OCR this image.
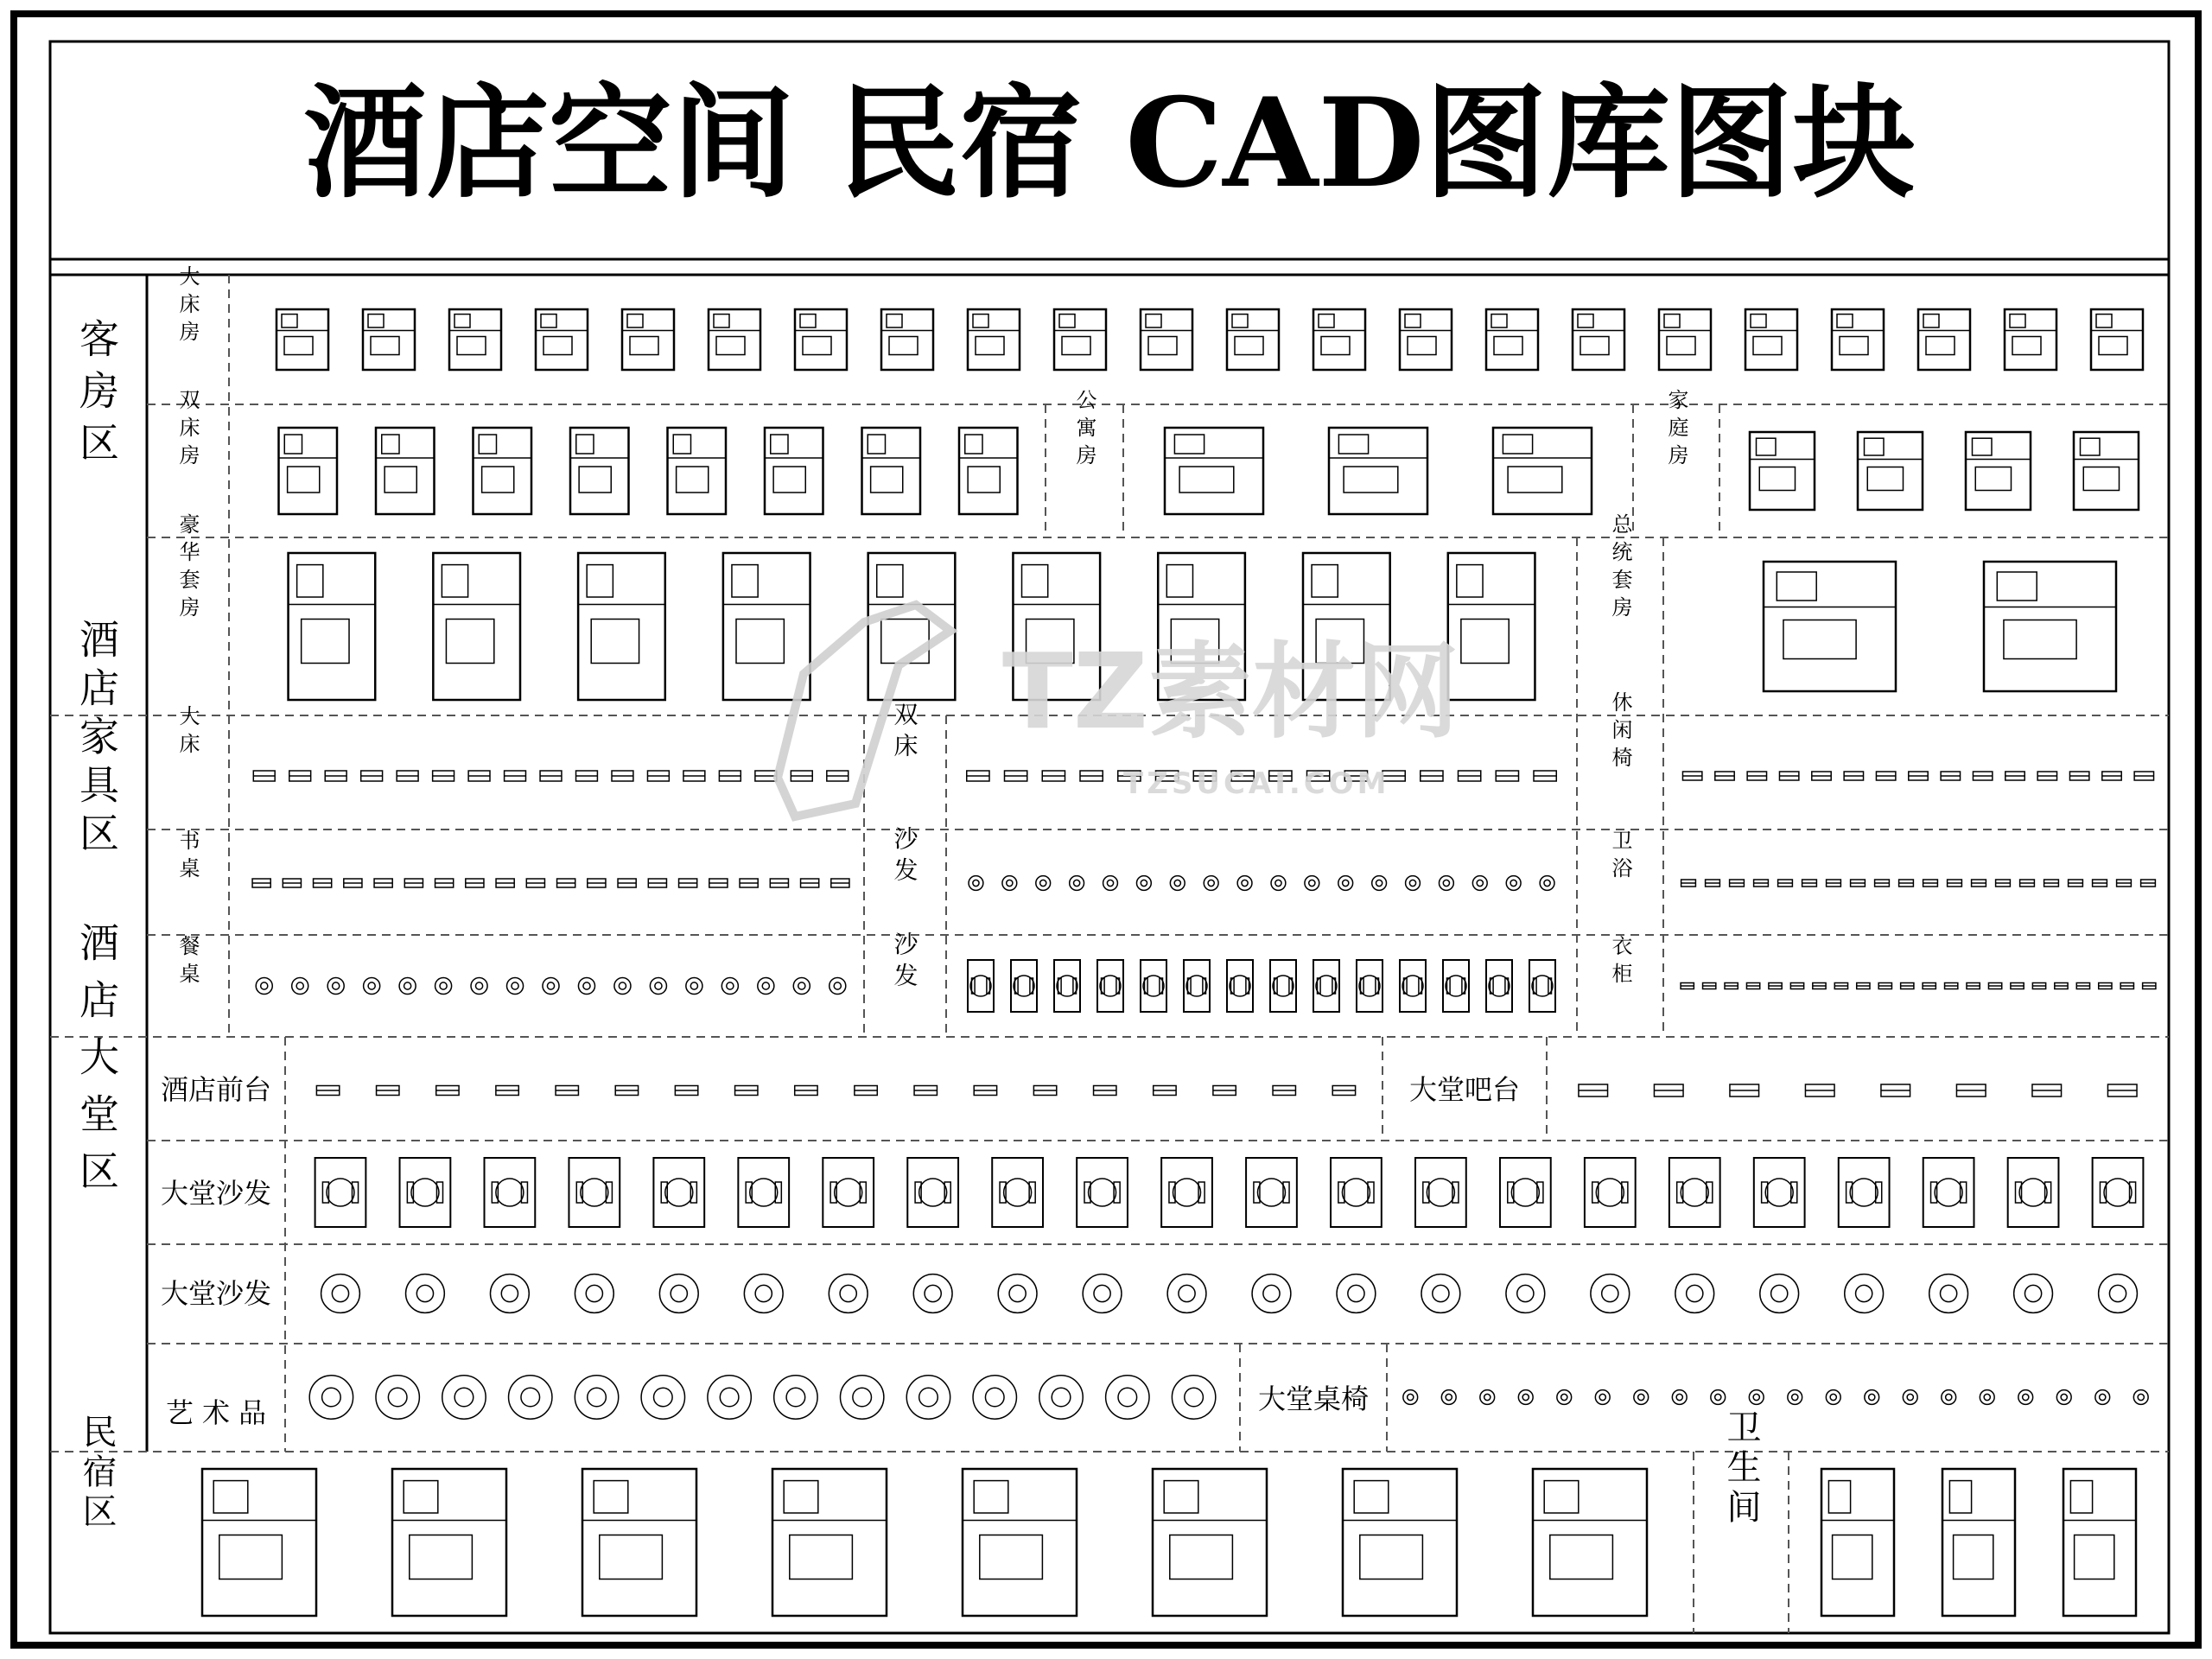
酒店空间 民宿 CAD图库图块
客房区
酒店家具区
酒店大堂区
民宿区
大床房
双床房	公寓房	家庭房
豪华套房	总统套房
大床	双床	休闲椅
书桌	沙发	卫浴
餐桌	沙发	衣柜
卫生间
酒店前台	大堂吧台
大堂沙发
大堂沙发
艺 术 品	大堂桌椅
TZ素材网
TZSUCAI.COM
